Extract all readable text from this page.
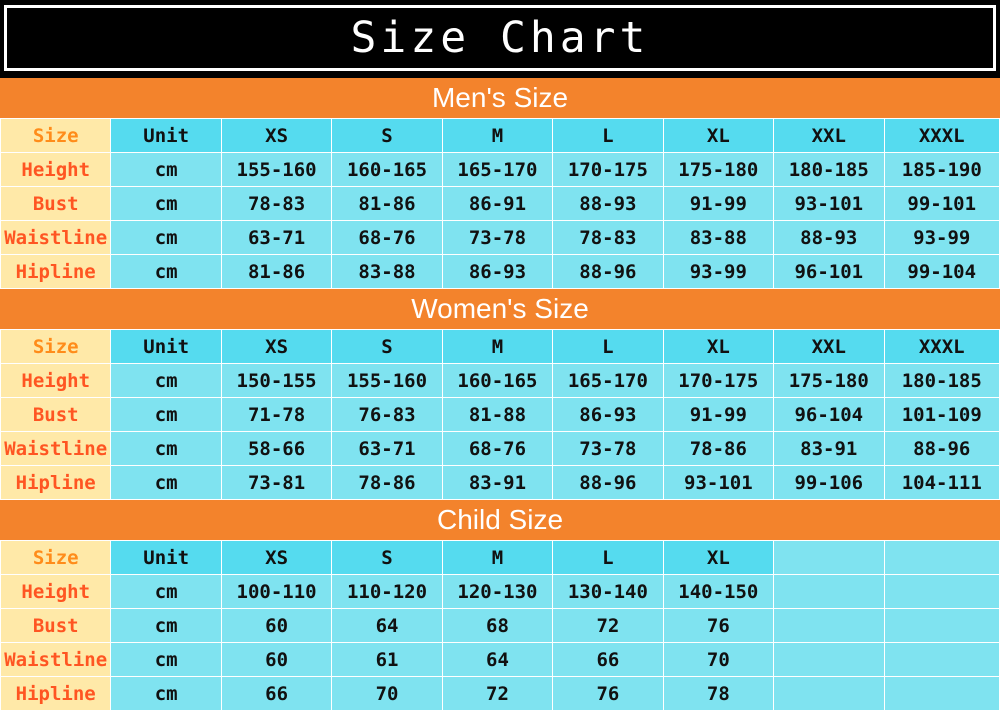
Size Chart
Men's Size
Size	Unit	XS	S	M	L	XL	XXL	XXXL
Height	cm	155-160	160-165	165-170	170-175	175-180	180-185	185-190
Bust	cm	78-83	81-86	86-91	88-93	91-99	93-101	99-101
Waistline	cm	63-71	68-76	73-78	78-83	83-88	88-93	93-99
Hipline	cm	81-86	83-88	86-93	88-96	93-99	96-101	99-104
Women's Size
Size	Unit	XS	S	M	L	XL	XXL	XXXL
Height	cm	150-155	155-160	160-165	165-170	170-175	175-180	180-185
Bust	cm	71-78	76-83	81-88	86-93	91-99	96-104	101-109
Waistline	cm	58-66	63-71	68-76	73-78	78-86	83-91	88-96
Hipline	cm	73-81	78-86	83-91	88-96	93-101	99-106	104-111
Child Size
Size	Unit	XS	S	M	L	XL		
Height	cm	100-110	110-120	120-130	130-140	140-150		
Bust	cm	60	64	68	72	76		
Waistline	cm	60	61	64	66	70		
Hipline	cm	66	70	72	76	78		
